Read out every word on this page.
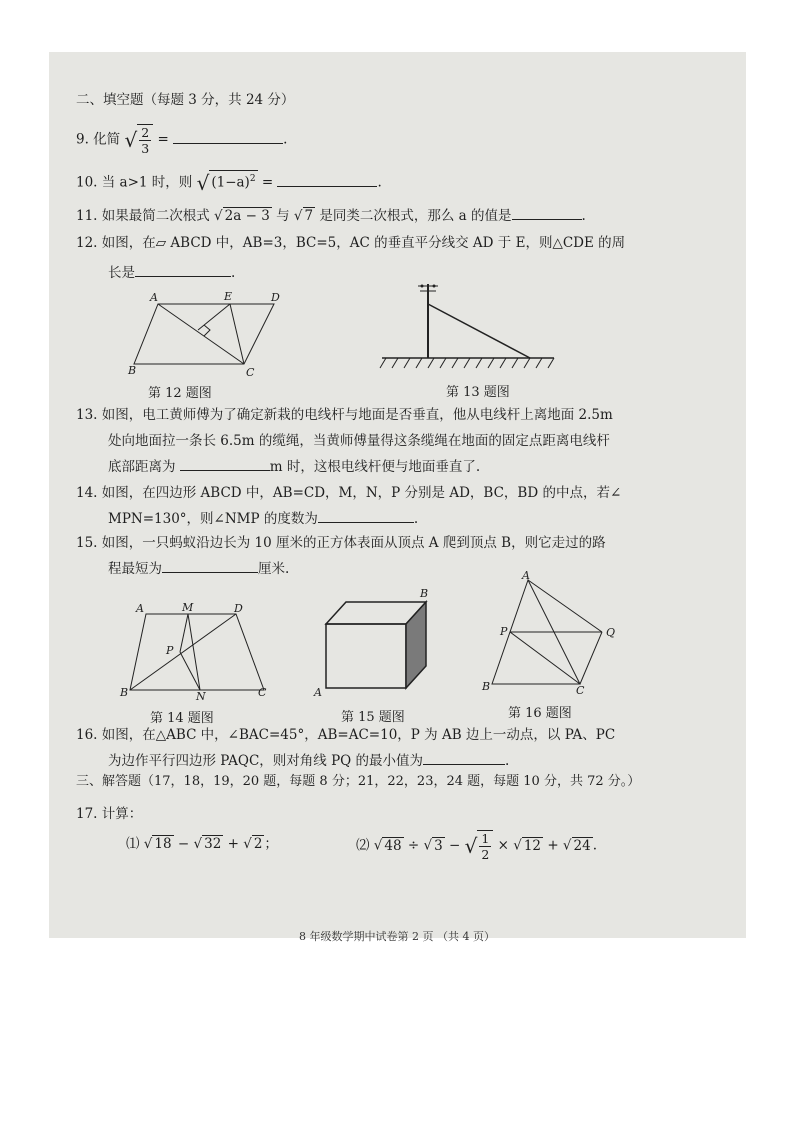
二、填空题（每题 3 分，共 24 分）
9. 化简 √ $\frac{2}{3}$ =	.
10. 当 a>1 时，则 √ $(1-a)^2$ =	.
11. 如果最简二次根式 √ 2a − 3 与 √ 7 是同类二次根式，那么 a 的值是	.
12. 如图，在▱ ABCD 中，AB=3，BC=5，AC 的垂直平分线交 AD 于 E，则△CDE 的周
长是	.
A	E	D
B	C
第 12 题图	第 13 题图
13. 如图，电工黄师傅为了确定新栽的电线杆与地面是否垂直，他从电线杆上离地面 2.5m
处向地面拉一条长 6.5m 的缆绳，当黄师傅量得这条缆绳在地面的固定点距离电线杆
底部距离为	m 时，这根电线杆便与地面垂直了.
14. 如图，在四边形 ABCD 中，AB=CD，M，N，P 分别是 AD，BC，BD 的中点，若∠
MPN=130°，则∠NMP 的度数为	.
15. 如图，一只蚂蚁沿边长为 10 厘米的正方体表面从顶点 A 爬到顶点 B，则它走过的路
程最短为	厘米.
A	M	D
P
B	N	C
第 14 题图
B
A
第 15 题图
A
P	Q
B	C
第 16 题图
16. 如图，在△ABC 中，∠BAC=45°，AB=AC=10，P 为 AB 边上一动点，以 PA、PC
为边作平行四边形 PAQC，则对角线 PQ 的最小值为	.
三、解答题（17，18，19，20 题，每题 8 分；21，22，23，24 题，每题 10 分，共 72 分。）
17. 计算：
⑴ √ 18 − √ 32 + √ 2 ；	⑵ √ 48 ÷ √ 3 − √ $\frac{1}{2}$ × √ 12 + √ 24 .
8 年级数学期中试卷第 2 页 （共 4 页）
